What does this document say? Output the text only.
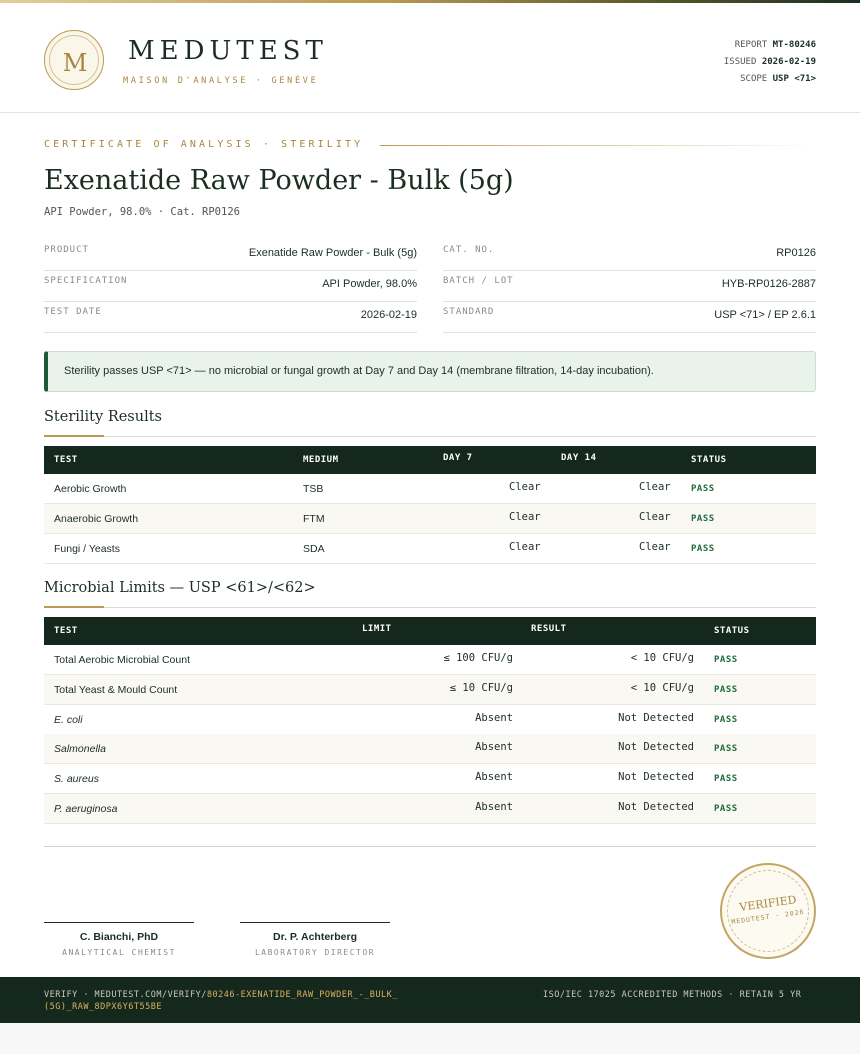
M	MEDUTEST
MAISON D'ANALYSE · GENÈVE
REPORT MT-80246
ISSUED 2026-02-19
SCOPE USP <71>
CERTIFICATE OF ANALYSIS · STERILITY
Exenatide Raw Powder - Bulk (5g)
API Powder, 98.0% · Cat. RP0126
PRODUCT	Exenatide Raw Powder - Bulk (5g)
SPECIFICATION	API Powder, 98.0%
TEST DATE	2026-02-19
CAT. NO.	RP0126
BATCH / LOT	HYB-RP0126-2887
STANDARD	USP <71> / EP 2.6.1
Sterility passes USP <71> — no microbial or fungal growth at Day 7 and Day 14 (membrane filtration, 14-day incubation).
Sterility Results
TEST	MEDIUM	DAY 7	DAY 14	STATUS
Aerobic Growth	TSB	Clear	Clear PASS
Anaerobic Growth	FTM	Clear	Clear PASS
Fungi / Yeasts	SDA	Clear	Clear PASS
Microbial Limits — USP <61>/<62>
TEST	LIMIT	RESULT	STATUS
Total Aerobic Microbial Count	≤ 100 CFU/g	< 10 CFU/g PASS
Total Yeast & Mould Count	≤ 10 CFU/g	< 10 CFU/g PASS
E. coli	Absent	Not Detected PASS
Salmonella	Absent	Not Detected PASS
S. aureus	Absent	Not Detected PASS
P. aeruginosa	Absent	Not Detected PASS
C. Bianchi, PhD
ANALYTICAL CHEMIST
Dr. P. Achterberg
LABORATORY DIRECTOR
VERIFIED
MEDUTEST · 2026
VERIFY · MEDUTEST.COM/VERIFY/80246-EXENATIDE_RAW_POWDER_-_BULK_(5G)_RAW_8DPX6Y6T55BE
ISO/IEC 17025 ACCREDITED METHODS · RETAIN 5 YR
